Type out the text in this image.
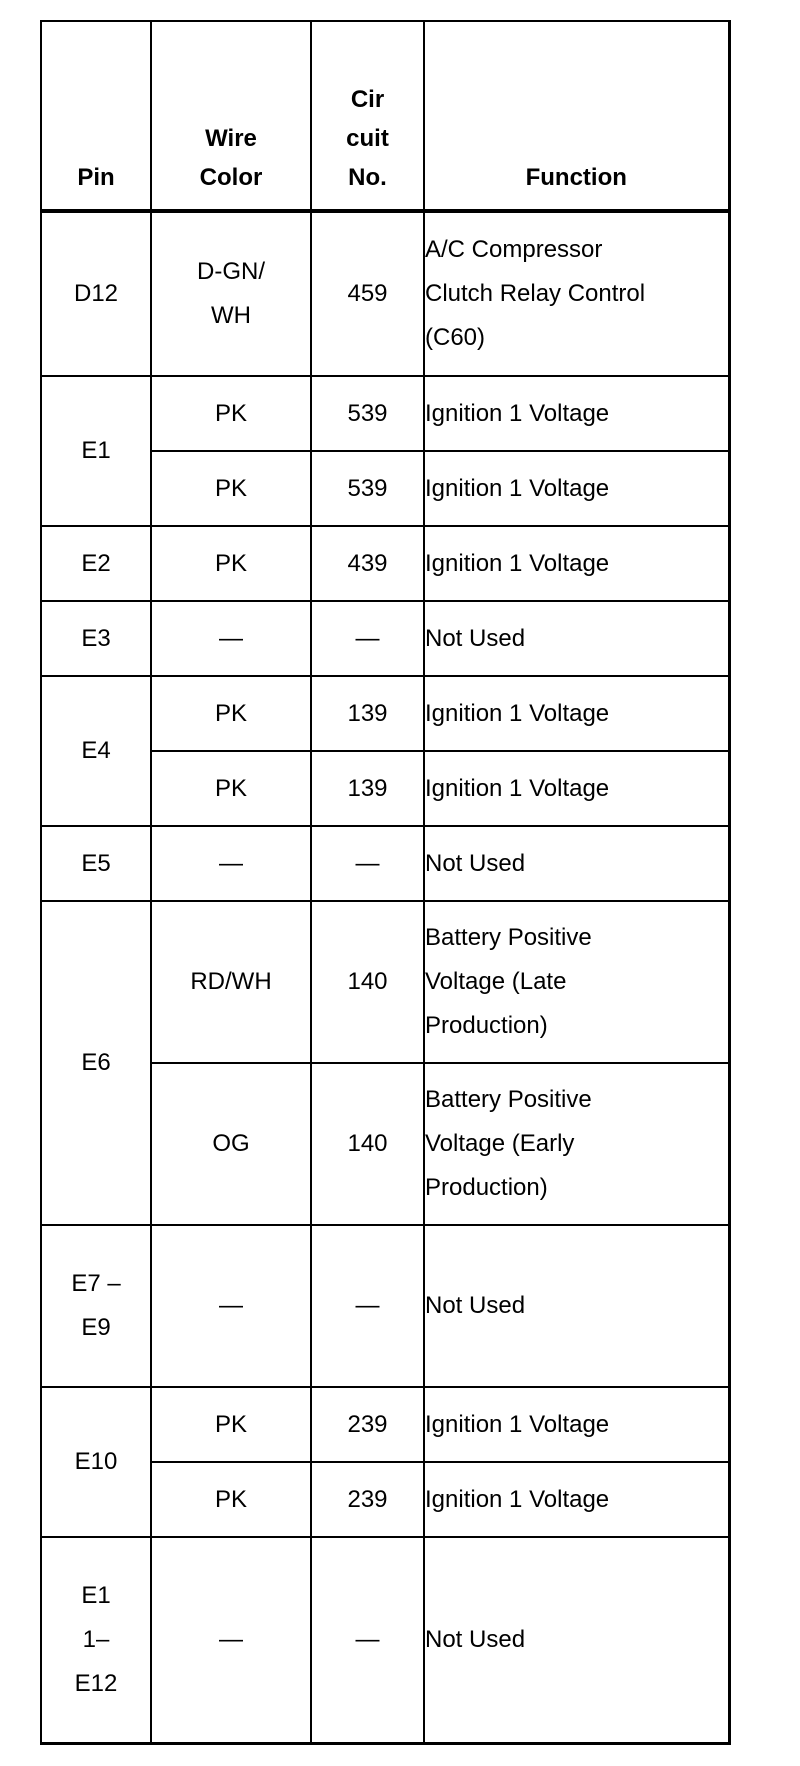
Pin	Wire Color	Cir cuit No.	Function
D12	D-GN/ WH	459	A/C Compressor Clutch Relay Control (C60)
E1	PK	539	Ignition 1 Voltage
	PK	539	Ignition 1 Voltage
E2	PK	439	Ignition 1 Voltage
E3	—	—	Not Used
E4	PK	139	Ignition 1 Voltage
	PK	139	Ignition 1 Voltage
E5	—	—	Not Used
E6	RD/WH	140	Battery Positive Voltage (Late Production)
	OG	140	Battery Positive Voltage (Early Production)
E7 –E9	—	—	Not Used
E10	PK	239	Ignition 1 Voltage
	PK	239	Ignition 1 Voltage
E1 1– E12	—	—	Not Used
